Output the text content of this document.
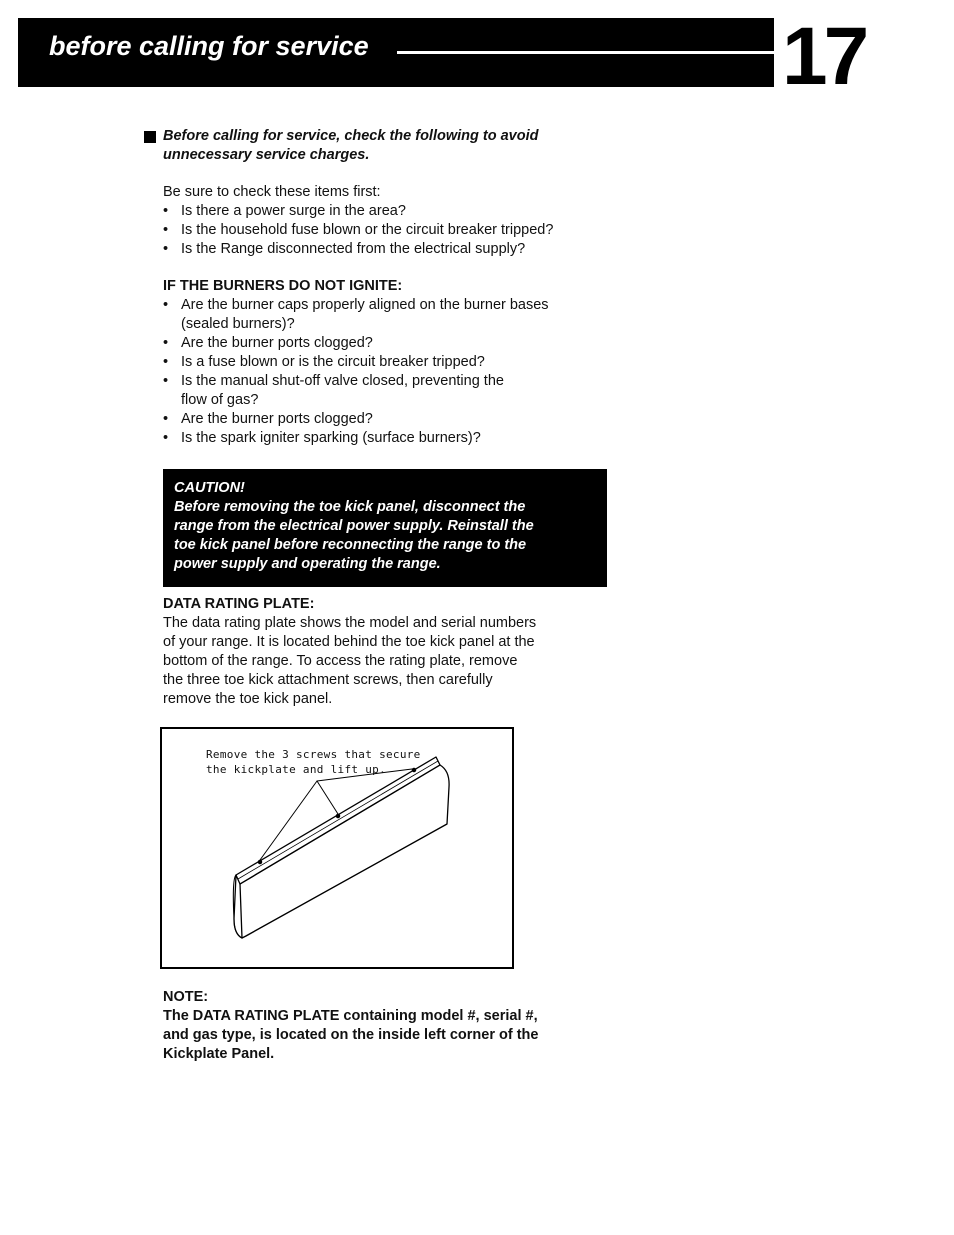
before calling for service	17
Before calling for service, check the following to avoid
unnecessary service charges.
Be sure to check these items first:
• Is there a power surge in the area?
• Is the household fuse blown or the circuit breaker tripped?
• Is the Range disconnected from the electrical supply?
IF THE BURNERS DO NOT IGNITE:
• Are the burner caps properly aligned on the burner bases
(sealed burners)?
• Are the burner ports clogged?
• Is a fuse blown or is the circuit breaker tripped?
• Is the manual shut-off valve closed, preventing the
flow of gas?
• Are the burner ports clogged?
• Is the spark igniter sparking (surface burners)?
CAUTION!
Before removing the toe kick panel, disconnect the
range from the electrical power supply. Reinstall the
toe kick panel before reconnecting the range to the
power supply and operating the range.
DATA RATING PLATE:
The data rating plate shows the model and serial numbers
of your range. It is located behind the toe kick panel at the
bottom of the range. To access the rating plate, remove
the three toe kick attachment screws, then carefully
remove the toe kick panel.
Remove the 3 screws that secure
the kickplate and lift up.
NOTE:
The DATA RATING PLATE containing model #, serial #,
and gas type, is located on the inside left corner of the
Kickplate Panel.
